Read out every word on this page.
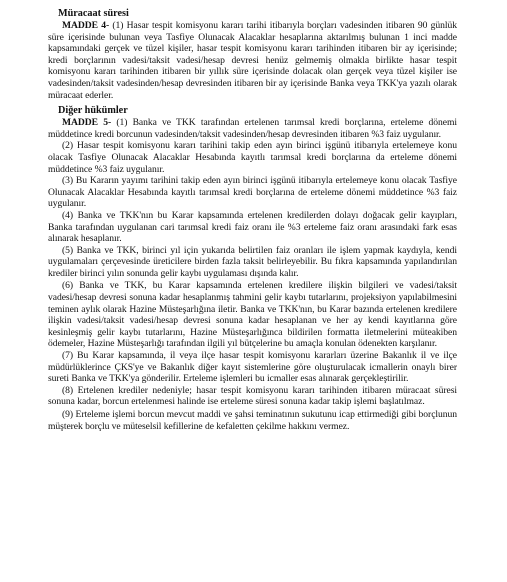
Müracaat süresi

MADDE 4- (1) Hasar tespit komisyonu kararı tarihi itibarıyla borçları vadesinden itibaren 90 günlük süre içerisinde bulunan veya Tasfiye Olunacak Alacaklar hesaplarına aktarılmış bulunan 1 inci madde kapsamındaki gerçek ve tüzel kişiler, hasar tespit komisyonu kararı tarihinden itibaren bir ay içerisinde; kredi borçlarının vadesi/taksit vadesi/hesap devresi henüz gelmemiş olmakla birlikte hasar tespit komisyonu kararı tarihinden itibaren bir yıllık süre içerisinde dolacak olan gerçek veya tüzel kişiler ise vadesinden/taksit vadesinden/hesap devresinden itibaren bir ay içerisinde Banka veya TKK'ya yazılı olarak müracaat ederler.

Diğer hükümler

MADDE 5- (1) Banka ve TKK tarafından ertelenen tarımsal kredi borçlarına, erteleme dönemi müddetince kredi borcunun vadesinden/taksit vadesinden/hesap devresinden itibaren %3 faiz uygulanır.

(2) Hasar tespit komisyonu kararı tarihini takip eden ayın birinci işgünü itibarıyla ertelemeye konu olacak Tasfiye Olunacak Alacaklar Hesabında kayıtlı tarımsal kredi borçlarına da erteleme dönemi müddetince %3 faiz uygulanır.

(3) Bu Kararın yayımı tarihini takip eden ayın birinci işgünü itibarıyla ertelemeye konu olacak Tasfiye Olunacak Alacaklar Hesabında kayıtlı tarımsal kredi borçlarına de erteleme dönemi müddetince %3 faiz uygulanır.

(4) Banka ve TKK'nın bu Karar kapsamında ertelenen kredilerden dolayı doğacak gelir kayıpları, Banka tarafından uygulanan cari tarımsal kredi faiz oranı ile %3 erteleme faiz oranı arasındaki fark esas alınarak hesaplanır.

(5) Banka ve TKK, birinci yıl için yukarıda belirtilen faiz oranları ile işlem yapmak kaydıyla, kendi uygulamaları çerçevesinde üreticilere birden fazla taksit belirleyebilir. Bu fıkra kapsamında yapılandırılan krediler birinci yılın sonunda gelir kaybı uygulaması dışında kalır.

(6) Banka ve TKK, bu Karar kapsamında ertelenen kredilere ilişkin bilgileri ve vadesi/taksit vadesi/hesap devresi sonuna kadar hesaplanmış tahmini gelir kaybı tutarlarını, projeksiyon yapılabilmesini teminen aylık olarak Hazine Müsteşarlığına iletir. Banka ve TKK'nın, bu Karar bazında ertelenen kredilere ilişkin vadesi/taksit vadesi/hesap devresi sonuna kadar hesaplanan ve her ay kendi kayıtlarına göre kesinleşmiş gelir kaybı tutarlarını, Hazine Müsteşarlığınca bildirilen formatta iletmelerini müteakiben ödemeler, Hazine Müsteşarlığı tarafından ilgili yıl bütçelerine bu amaçla konulan ödenekten karşılanır.

(7) Bu Karar kapsamında, il veya ilçe hasar tespit komisyonu kararları üzerine Bakanlık il ve ilçe müdürlüklerince ÇKS'ye ve Bakanlık diğer kayıt sistemlerine göre oluşturulacak icmallerin onaylı birer sureti Banka ve TKK'ya gönderilir. Erteleme işlemleri bu icmaller esas alınarak gerçekleştirilir.

(8) Ertelenen krediler nedeniyle; hasar tespit komisyonu kararı tarihinden itibaren müracaat süresi sonuna kadar, borcun ertelenmesi halinde ise erteleme süresi sonuna kadar takip işlemi başlatılmaz.

(9) Erteleme işlemi borcun mevcut maddi ve şahsi teminatının sukutunu icap ettirmediği gibi borçlunun müşterek borçlu ve müteselsil kefillerine de kefaletten çekilme hakkını vermez.
